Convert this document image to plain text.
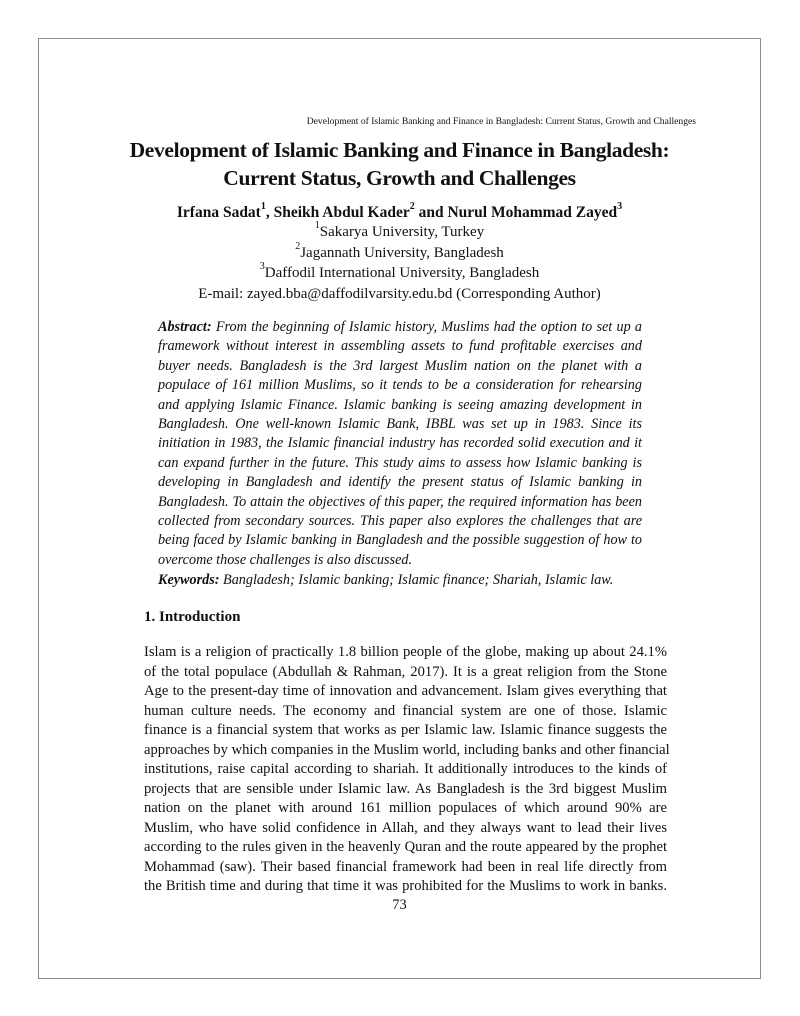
Development of Islamic Banking and Finance in Bangladesh: Current Status, Growth and Challenges
Development of Islamic Banking and Finance in Bangladesh:
Current Status, Growth and Challenges
Irfana Sadat$^1$, Sheikh Abdul Kader$^2$ and Nurul Mohammad Zayed$^3$
$^1$Sakarya University, Turkey
$^2$Jagannath University, Bangladesh
$^3$Daffodil International University, Bangladesh
E-mail: zayed.bba@daffodilvarsity.edu.bd (Corresponding Author)
Abstract: From the beginning of Islamic history, Muslims had the option to set up a framework without interest in assembling assets to fund profitable exercises and buyer needs. Bangladesh is the 3rd largest Muslim nation on the planet with a populace of 161 million Muslims, so it tends to be a consideration for rehearsing and applying Islamic Finance. Islamic banking is seeing amazing development in Bangladesh. One well-known Islamic Bank, IBBL was set up in 1983. Since its initiation in 1983, the Islamic financial industry has recorded solid execution and it can expand further in the future. This study aims to assess how Islamic banking is developing in Bangladesh and identify the present status of Islamic banking in Bangladesh. To attain the objectives of this paper, the required information has been collected from secondary sources. This paper also explores the challenges that are being faced by Islamic banking in Bangladesh and the possible suggestion of how to overcome those challenges is also discussed.
Keywords: Bangladesh; Islamic banking; Islamic finance; Shariah, Islamic law.
1. Introduction
Islam is a religion of practically 1.8 billion people of the globe, making up about 24.1%
of the total populace (Abdullah & Rahman, 2017). It is a great religion from the Stone
Age to the present-day time of innovation and advancement. Islam gives everything that
human culture needs. The economy and financial system are one of those. Islamic
finance is a financial system that works as per Islamic law. Islamic finance suggests the
approaches by which companies in the Muslim world, including banks and other financial
institutions, raise capital according to shariah. It additionally introduces to the kinds of
projects that are sensible under Islamic law. As Bangladesh is the 3rd biggest Muslim
nation on the planet with around 161 million populaces of which around 90% are
Muslim, who have solid confidence in Allah, and they always want to lead their lives
according to the rules given in the heavenly Quran and the route appeared by the prophet
Mohammad (saw). Their based financial framework had been in real life directly from
the British time and during that time it was prohibited for the Muslims to work in banks.
73
